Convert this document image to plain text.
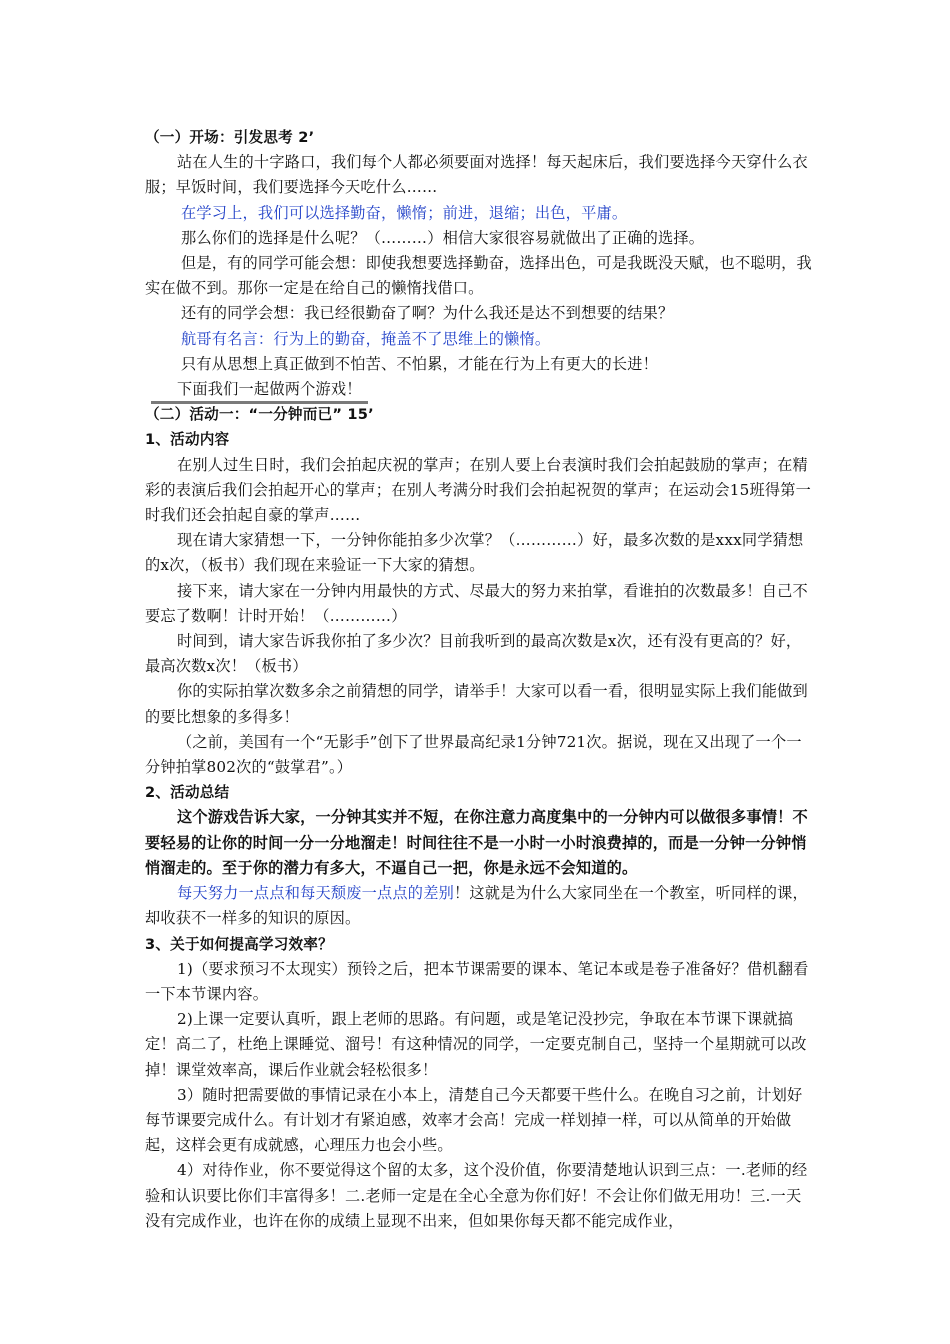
（一）开场：引发思考 2’

站在人生的十字路口，我们每个人都必须要面对选择！每天起床后，我们要选择今天穿什么衣服；早饭时间，我们要选择今天吃什么……

在学习上，我们可以选择勤奋，懒惰；前进，退缩；出色，平庸。

那么你们的选择是什么呢？（………）相信大家很容易就做出了正确的选择。

但是，有的同学可能会想：即使我想要选择勤奋，选择出色，可是我既没天赋，也不聪明，我实在做不到。那你一定是在给自己的懒惰找借口。

还有的同学会想：我已经很勤奋了啊？为什么我还是达不到想要的结果？

航哥有名言：行为上的勤奋，掩盖不了思维上的懒惰。

只有从思想上真正做到不怕苦、不怕累，才能在行为上有更大的长进！

下面我们一起做两个游戏！

（二）活动一：“一分钟而已” 15’

1、活动内容

在别人过生日时，我们会拍起庆祝的掌声；在别人要上台表演时我们会拍起鼓励的掌声；在精彩的表演后我们会拍起开心的掌声；在别人考满分时我们会拍起祝贺的掌声；在运动会15班得第一时我们还会拍起自豪的掌声……

现在请大家猜想一下，一分钟你能拍多少次掌？（…………）好，最多次数的是xxx同学猜想的x次，（板书）我们现在来验证一下大家的猜想。

接下来，请大家在一分钟内用最快的方式、尽最大的努力来拍掌，看谁拍的次数最多！自己不要忘了数啊！计时开始！（…………）

时间到，请大家告诉我你拍了多少次？目前我听到的最高次数是x次，还有没有更高的？好，最高次数x次！（板书）

你的实际拍掌次数多余之前猜想的同学，请举手！大家可以看一看，很明显实际上我们能做到的要比想象的多得多！

（之前，美国有一个“无影手”创下了世界最高纪录1分钟721次。据说，现在又出现了一个一分钟拍掌802次的“鼓掌君”。）

2、活动总结

这个游戏告诉大家，一分钟其实并不短，在你注意力高度集中的一分钟内可以做很多事情！不要轻易的让你的时间一分一分地溜走！时间往往不是一小时一小时浪费掉的，而是一分钟一分钟悄悄溜走的。至于你的潜力有多大，不逼自己一把，你是永远不会知道的。

每天努力一点点和每天颓废一点点的差别！这就是为什么大家同坐在一个教室，听同样的课，却收获不一样多的知识的原因。

3、关于如何提高学习效率？

1)（要求预习不太现实）预铃之后，把本节课需要的课本、笔记本或是卷子准备好？借机翻看一下本节课内容。

2)上课一定要认真听，跟上老师的思路。有问题，或是笔记没抄完，争取在本节课下课就搞定！高二了，杜绝上课睡觉、溜号！有这种情况的同学，一定要克制自己，坚持一个星期就可以改掉！课堂效率高，课后作业就会轻松很多！

3）随时把需要做的事情记录在小本上，清楚自己今天都要干些什么。在晚自习之前，计划好每节课要完成什么。有计划才有紧迫感，效率才会高！完成一样划掉一样，可以从简单的开始做起，这样会更有成就感，心理压力也会小些。

4）对待作业，你不要觉得这个留的太多，这个没价值，你要清楚地认识到三点：一.老师的经验和认识要比你们丰富得多！二.老师一定是在全心全意为你们好！不会让你们做无用功！三.一天没有完成作业，也许在你的成绩上显现不出来，但如果你每天都不能完成作业，
